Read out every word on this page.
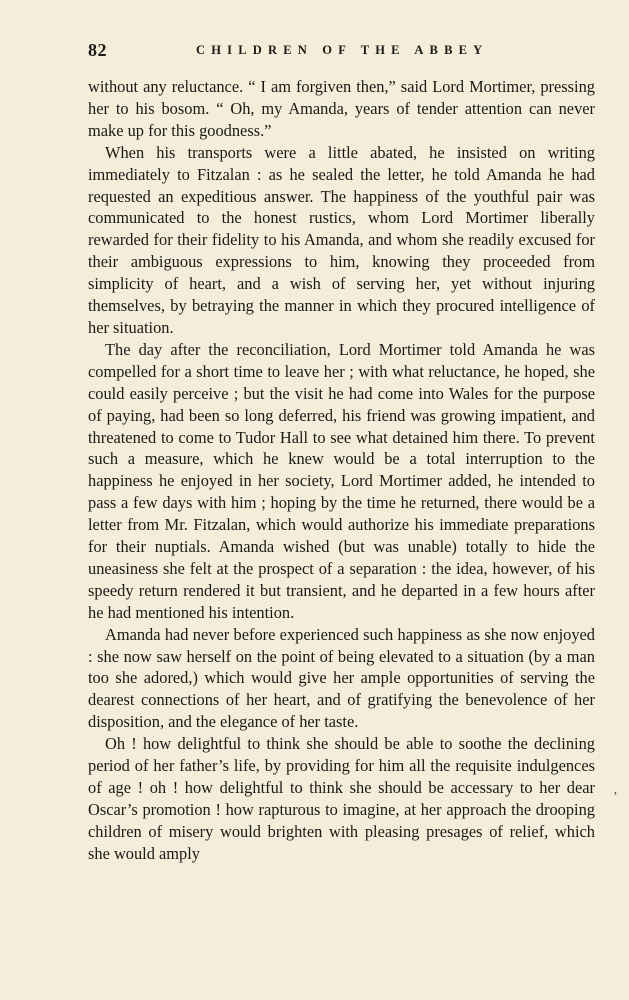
82	CHILDREN OF THE ABBEY

without any reluctance. “ I am forgiven then,” said Lord Mortimer, pressing her to his bosom. “ Oh, my Amanda, years of tender attention can never make up for this goodness.”

When his transports were a little abated, he insisted on writing immediately to Fitzalan : as he sealed the letter, he told Amanda he had requested an expeditious answer. The happiness of the youthful pair was communicated to the honest rustics, whom Lord Mortimer liberally rewarded for their fidelity to his Amanda, and whom she readily excused for their ambiguous expressions to him, knowing they proceeded from simplicity of heart, and a wish of serving her, yet without injuring themselves, by betraying the manner in which they procured intelligence of her situation.

The day after the reconciliation, Lord Mortimer told Amanda he was compelled for a short time to leave her ; with what reluctance, he hoped, she could easily perceive ; but the visit he had come into Wales for the purpose of paying, had been so long deferred, his friend was growing impatient, and threatened to come to Tudor Hall to see what detained him there. To prevent such a measure, which he knew would be a total interruption to the happiness he enjoyed in her society, Lord Mortimer added, he intended to pass a few days with him ; hoping by the time he returned, there would be a letter from Mr. Fitzalan, which would authorize his immediate preparations for their nuptials. Amanda wished (but was unable) totally to hide the uneasiness she felt at the prospect of a separation : the idea, however, of his speedy return rendered it but transient, and he departed in a few hours after he had mentioned his intention.

Amanda had never before experienced such happiness as she now enjoyed : she now saw herself on the point of being elevated to a situation (by a man too she adored,) which would give her ample opportunities of serving the dearest connections of her heart, and of gratifying the benevolence of her disposition, and the elegance of her taste.

Oh ! how delightful to think she should be able to soothe the declining period of her father’s life, by providing for him all the requisite indulgences of age ! oh ! how delightful to think she should be accessary to her dear Oscar’s promotion ! how rapturous to imagine, at her approach the drooping children of misery would brighten with pleasing presages of relief, which she would amply

,
